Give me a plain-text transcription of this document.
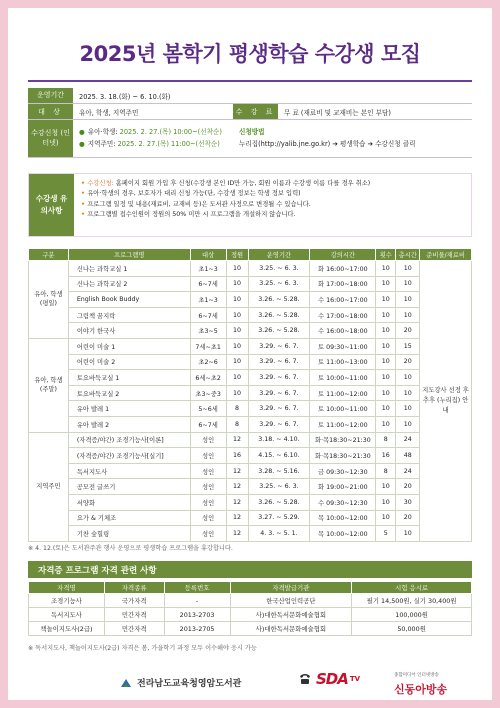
2025년 봄학기 평생학습 수강생 모집
운영기간	2025. 3. 18.(화) ~ 6. 10.(화)
대 상	유아, 학생, 지역주민	수 강 료	무 료 (재료비 및 교재비는 본인 부담)
수강신청 (인터넷)
● 유아·학생: 2025. 2. 27.(목) 10:00~(선착순)
● 지역주민: 2025. 2. 27.(목) 11:00~(선착순)
신청방법
누리집(http://yalib.jne.go.kr) ➔ 평생학습 ➔ 수강신청 클릭
수강생 유의사항
• 수강신청: 홈페이지 회원 가입 후 신청(수강생 본인 ID만 가능, 회원 이름과 수강생 이름 다를 경우 취소)
• 유아·학생의 경우, 보호자가 대리 신청 가능(단, 수강생 정보는 학생 정보 입력)
• 프로그램 일정 및 내용(재료비, 교재비 등)은 도서관 사정으로 변경될 수 있습니다.
• 프로그램별 접수인원이 정원의 50% 미만 시 프로그램을 개설하지 않습니다.
구분	프로그램명	대상	정원	운영기간	강의시간	횟수	총시간	준비물/재료비
유아, 학생 (평일)	신나는 과학교실 1	초1~3	10	3.25. ~ 6. 3.	화 16:00~17:00	10	10	지도강사 선정 후 추후 (누리집) 안내
	신나는 과학교실 2	6~7세	10	3.25. ~ 6. 3.	화 17:00~18:00	10	10	
	English Book Buddy	초1~3	10	3.26. ~ 5.28.	수 16:00~17:00	10	10	
	그림책 꿈지락	6~7세	10	3.26. ~ 5.28.	수 17:00~18:00	10	10	
	이야기 한국사	초3~5	10	3.26. ~ 5.28.	수 16:00~18:00	10	20	
유아, 학생 (주말)	어린이 미술 1	7세~초1	10	3.29. ~ 6. 7.	토 09:30~11:00	10	15	
	어린이 미술 2	초2~6	10	3.29. ~ 6. 7.	토 11:00~13:00	10	20	
	토요바둑교실 1	6세~초2	10	3.29. ~ 6. 7.	토 10:00~11:00	10	10	
	토요바둑교실 2	초3~중3	10	3.29. ~ 6. 7.	토 11:00~12:00	10	10	
	유아 발레 1	5~6세	8	3.29. ~ 6. 7.	토 10:00~11:00	10	10	
	유아 발레 2	6~7세	8	3.29. ~ 6. 7.	토 11:00~12:00	10	10	
지역주민	(자격증/야간) 조경기능사[이론]	성인	12	3.18. ~ 4.10.	화·목18:30~21:30	8	24	
	(자격증/야간) 조경기능사[실기]	성인	16	4.15. ~ 6.10.	화·목18:30~21:30	16	48	
	독서지도사	성인	12	3.28. ~ 5.16.	금 09:30~12:30	8	24	
	공모전 글쓰기	성인	12	3.25. ~ 6. 3.	화 19:00~21:00	10	20	
	서양화	성인	12	3.26. ~ 5.28.	수 09:30~12:30	10	30	
	요가 & 기체조	성인	12	3.27. ~ 5.29.	목 10:00~12:00	10	20	
	기찬 숲힐링	성인	12	4. 3. ~ 5. 1.	목 10:00~12:00	5	10	
※ 4. 12.(토)은 도서관주관 행사 운영으로 평생학습 프로그램을 휴강합니다.
자격증 프로그램 자격 관련 사항
자격명	자격종류	등록번호	자격발급기관	시험 응시료
조경기능사	국가자격	-	한국산업인력공단	필기 14,500원, 실기 30,400원
독서지도사	민간자격	2013-2703	사)대한독서문화예술협회	100,000원
책놀이지도사(2급)	민간자격	2013-2705	사)대한독서문화예술협회	50,000원
※ 독서지도사, 책놀이지도사(2급) 자격은 봄, 가을학기 과정 모두 이수해야 응시 가능
전라남도교육청영암도서관	SDA TV	종합미디어 인터넷방송
신동아방송
